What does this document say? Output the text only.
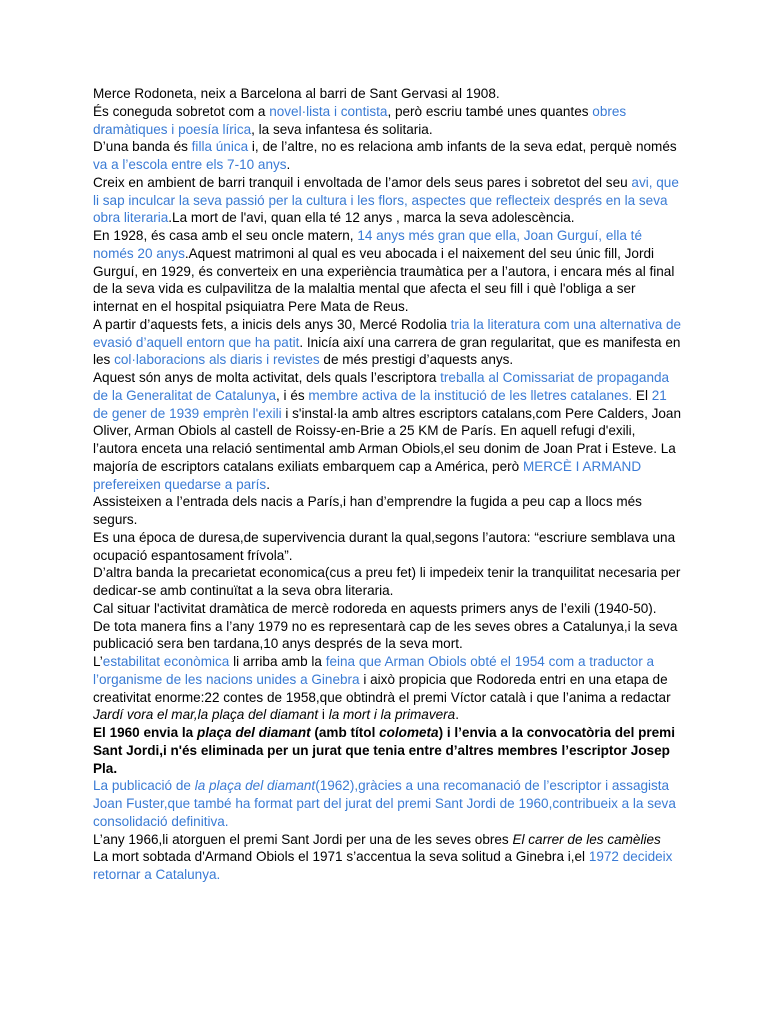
Merce Rodoneta, neix a Barcelona al barri de Sant Gervasi al 1908.

És coneguda sobretot com a novel·lista i contista, però escriu també unes quantes obres dramàtiques i poesía lírica, la seva infantesa és solitaria.

D’una banda és filla única i, de l’altre, no es relaciona amb infants de la seva edat, perquè només va a l’escola entre els 7-10 anys.

Creix en ambient de barri tranquil i envoltada de l’amor dels seus pares i sobretot del seu avi, que li sap inculcar la seva passió per la cultura i les flors, aspectes que reflecteix després en la seva obra literaria.La mort de l'avi, quan ella té 12 anys , marca la seva adolescència.

En 1928, és casa amb el seu oncle matern, 14 anys més gran que ella, Joan Gurguí, ella té només 20 anys.Aquest matrimoni al qual es veu abocada i el naixement del seu únic fill, Jordi Gurguí, en 1929, és converteix en una experiència traumàtica per a l’autora, i encara més al final de la seva vida es culpavilitza de la malaltia mental que afecta el seu fill i què l'obliga a ser internat en el hospital psiquiatra Pere Mata de Reus.

A partir d’aquests fets, a inicis dels anys 30, Mercé Rodolia tria la literatura com una alternativa de evasió d’aquell entorn que ha patit. Inicía així una carrera de gran regularitat, que es manifesta en les col·laboracions als diaris i revistes de més prestigi d’aquests anys.

Aquest són anys de molta activitat, dels quals l’escriptora treballa al Comissariat de propaganda de la Generalitat de Catalunya, i és membre activa de la institució de les lletres catalanes. El 21 de gener de 1939 emprèn l'exili i s'instal·la amb altres escriptors catalans,com Pere Calders, Joan Oliver, Arman Obiols al castell de Roissy-en-Brie a 25 KM de París. En aquell refugi d'exili, l’autora enceta una relació sentimental amb Arman Obiols,el seu donim de Joan Prat i Esteve. La majoría de escriptors catalans exiliats embarquem cap a América, però MERCÈ I ARMAND prefereixen quedarse a parís.

Assisteixen a l’entrada dels nacis a París,i han d’emprendre la fugida a peu cap a llocs més segurs.

Es una época de duresa,de supervivencia durant la qual,segons l’autora: “escriure semblava una ocupació espantosament frívola”.

D’altra banda la precarietat economica(cus a preu fet) li impedeix tenir la tranquilitat necesaria per dedicar-se amb continuïtat a la seva obra literaria.

Cal situar l'activitat dramàtica de mercè rodoreda en aquests primers anys de l’exili (1940-50).

De tota manera fins a l’any 1979 no es representarà cap de les seves obres a Catalunya,i la seva publicació sera ben tardana,10 anys després de la seva mort.

L’estabilitat econòmica li arriba amb la feina que Arman Obiols obté el 1954 com a traductor a l’organisme de les nacions unides a Ginebra i això propicia que Rodoreda entri en una etapa de creativitat enorme:22 contes de 1958,que obtindrà el premi Víctor català i que l’anima a redactar Jardí vora el mar,la plaça del diamant i la mort i la primavera.

El 1960 envia la plaça del diamant (amb títol colometa) i l’envia a la convocatòria del premi Sant Jordi,i n'és eliminada per un jurat que tenia entre d’altres membres l’escriptor Josep Pla.

La publicació de la plaça del diamant(1962),gràcies a una recomanació de l’escriptor i assagista Joan Fuster,que també ha format part del jurat del premi Sant Jordi de 1960,contribueix a la seva consolidació definitiva.

L’any 1966,li atorguen el premi Sant Jordi per una de les seves obres El carrer de les camèlies

La mort sobtada d'Armand Obiols el 1971 s’accentua la seva solitud a Ginebra i,el 1972 decideix retornar a Catalunya.
